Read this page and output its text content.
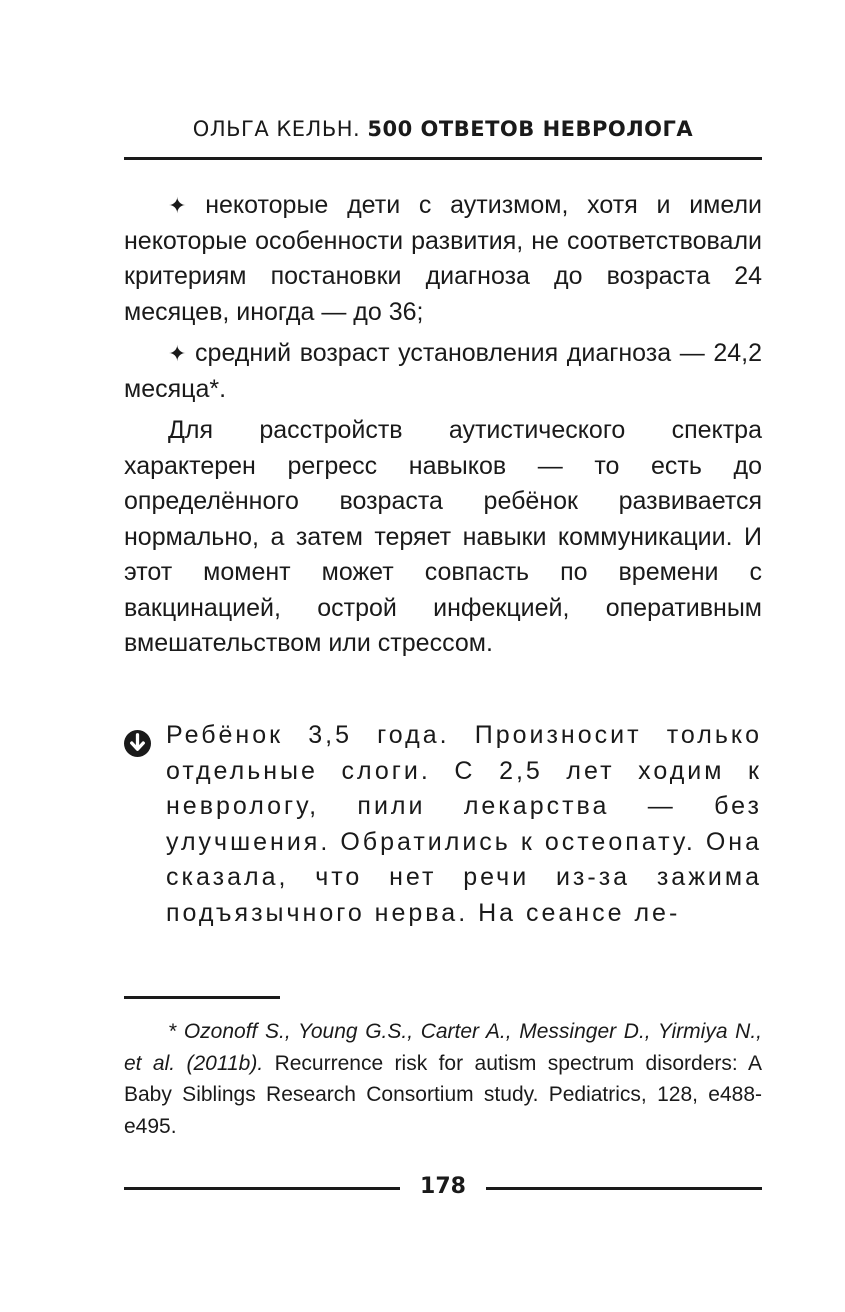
ОЛЬГА КЕЛЬН. 500 ОТВЕТОВ НЕВРОЛОГА

✦ некоторые дети с аутизмом, хотя и имели некоторые особенности развития, не соответствовали критериям постановки диагноза до возраста 24 месяцев, иногда — до 36;

✦ средний возраст установления диагноза — 24,2 месяца*.

Для расстройств аутистического спектра характерен регресс навыков — то есть до определённого возраста ребёнок развивается нормально, а затем теряет навыки коммуникации. И этот момент может совпасть по времени с вакцинацией, острой инфекцией, оперативным вмешательством или стрессом.

Ребёнок 3,5 года. Произносит только отдельные слоги. С 2,5 лет ходим к неврологу, пили лекарства — без улучшения. Обратились к остеопату. Она сказала, что нет речи из-за зажима подъязычного нерва. На сеансе ле-
* Ozonoff S., Young G.S., Carter A., Messinger D., Yirmiya N., et al. (2011b). Recurrence risk for autism spectrum disorders: A Baby Siblings Research Consortium study. Pediatrics, 128, e488-e495.
178
